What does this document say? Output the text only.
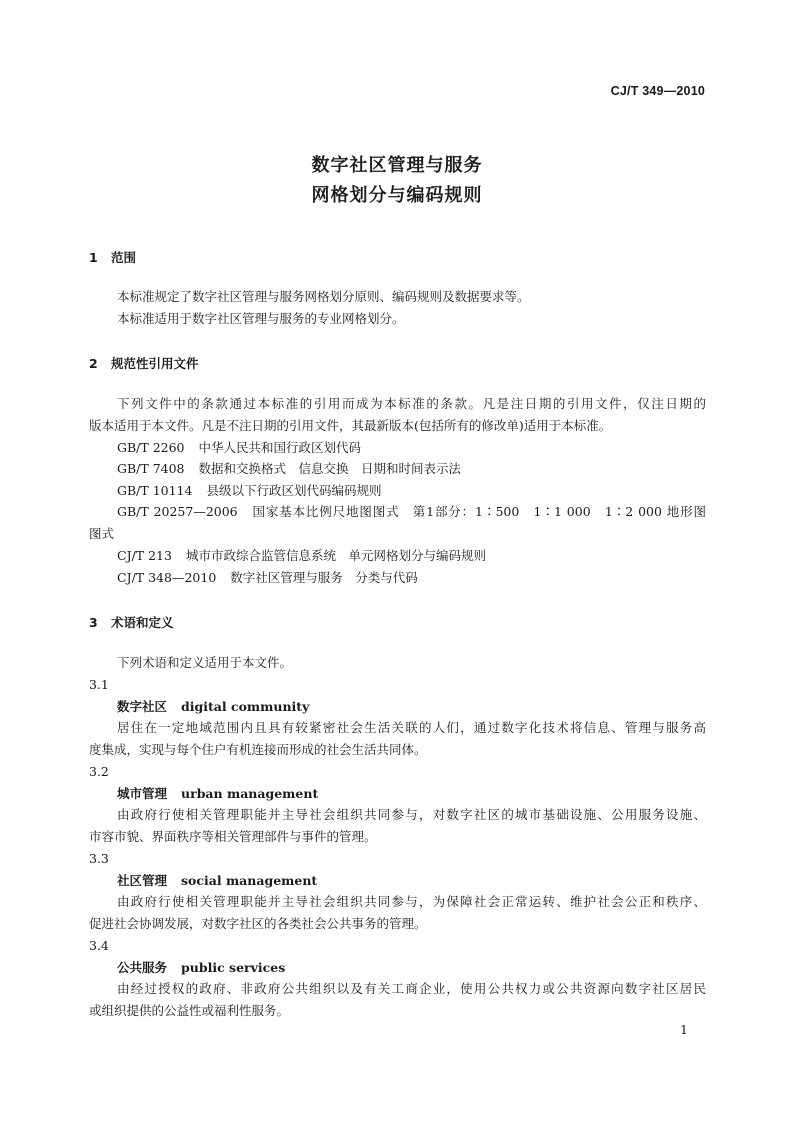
CJ/T 349—2010
数字社区管理与服务
网格划分与编码规则
1 范围
本标准规定了数字社区管理与服务网格划分原则、编码规则及数据要求等。
本标准适用于数字社区管理与服务的专业网格划分。
2 规范性引用文件
下列文件中的条款通过本标准的引用而成为本标准的条款。凡是注日期的引用文件，仅注日期的
版本适用于本文件。凡是不注日期的引用文件，其最新版本(包括所有的修改单)适用于本标准。
GB/T 2260 中华人民共和国行政区划代码
GB/T 7408 数据和交换格式　信息交换　日期和时间表示法
GB/T 10114 县级以下行政区划代码编码规则
GB/T 20257—2006 国家基本比例尺地图图式　第1部分：1∶500　1∶1 000　1∶2 000 地形图
图式
CJ/T 213 城市市政综合监管信息系统　单元网格划分与编码规则
CJ/T 348—2010 数字社区管理与服务　分类与代码
3 术语和定义
下列术语和定义适用于本文件。
3.1
数字社区 digital community
居住在一定地域范围内且具有较紧密社会生活关联的人们，通过数字化技术将信息、管理与服务高
度集成，实现与每个住户有机连接而形成的社会生活共同体。
3.2
城市管理 urban management
由政府行使相关管理职能并主导社会组织共同参与，对数字社区的城市基础设施、公用服务设施、
市容市貌、界面秩序等相关管理部件与事件的管理。
3.3
社区管理 social management
由政府行使相关管理职能并主导社会组织共同参与，为保障社会正常运转、维护社会公正和秩序、
促进社会协调发展，对数字社区的各类社会公共事务的管理。
3.4
公共服务 public services
由经过授权的政府、非政府公共组织以及有关工商企业，使用公共权力或公共资源向数字社区居民
或组织提供的公益性或福利性服务。
1
